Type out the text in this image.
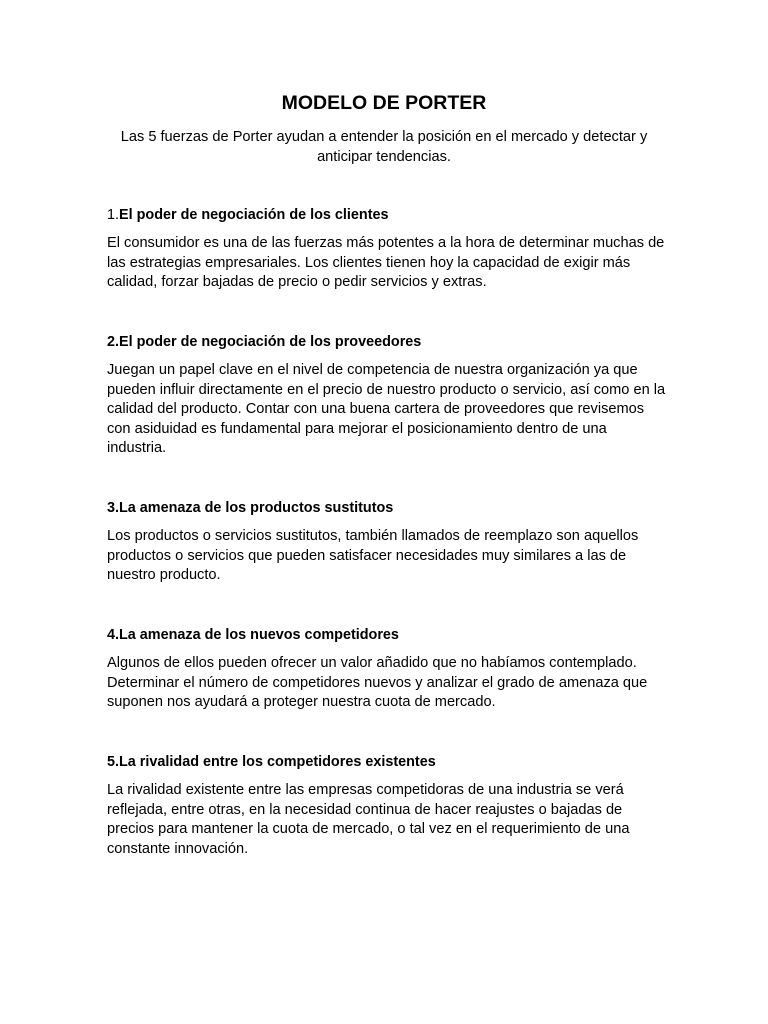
MODELO DE PORTER

Las 5 fuerzas de Porter ayudan a entender la posición en el mercado y detectar y anticipar tendencias.

1.El poder de negociación de los clientes

El consumidor es una de las fuerzas más potentes a la hora de determinar muchas de las estrategias empresariales. Los clientes tienen hoy la capacidad de exigir más calidad, forzar bajadas de precio o pedir servicios y extras.

2.El poder de negociación de los proveedores

Juegan un papel clave en el nivel de competencia de nuestra organización ya que pueden influir directamente en el precio de nuestro producto o servicio, así como en la calidad del producto. Contar con una buena cartera de proveedores que revisemos con asiduidad es fundamental para mejorar el posicionamiento dentro de una industria.

3.La amenaza de los productos sustitutos

Los productos o servicios sustitutos, también llamados de reemplazo son aquellos productos o servicios que pueden satisfacer necesidades muy similares a las de nuestro producto.

4.La amenaza de los nuevos competidores

Algunos de ellos pueden ofrecer un valor añadido que no habíamos contemplado. Determinar el número de competidores nuevos y analizar el grado de amenaza que suponen nos ayudará a proteger nuestra cuota de mercado.

5.La rivalidad entre los competidores existentes

La rivalidad existente entre las empresas competidoras de una industria se verá reflejada, entre otras, en la necesidad continua de hacer reajustes o bajadas de precios para mantener la cuota de mercado, o tal vez en el requerimiento de una constante innovación.
